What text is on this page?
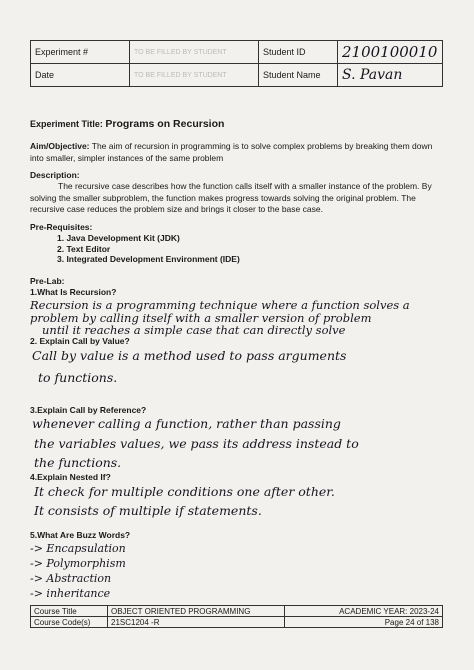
Experiment #	TO BE FILLED BY STUDENT	Student ID	2100100010
Date	TO BE FILLED BY STUDENT	Student Name	S. Pavan
Experiment Title: Programs on Recursion
Aim/Objective: The aim of recursion in programming is to solve complex problems by breaking them down into smaller, simpler instances of the same problem
Description:
The recursive case describes how the function calls itself with a smaller instance of the problem. By solving the smaller subproblem, the function makes progress towards solving the original problem. The recursive case reduces the problem size and brings it closer to the base case.
Pre-Requisites:
1. Java Development Kit (JDK)
2. Text Editor
3. Integrated Development Environment (IDE)
Pre-Lab:
1.What Is Recursion?
Recursion is a programming technique where a function solves a
problem by calling itself with a smaller version of problem
until it reaches a simple case that can directly solve
2. Explain Call by Value?
Call by value is a method used to pass arguments
to functions.
3.Explain Call by Reference?
whenever calling a function, rather than passing
the variables values, we pass its address instead to
the functions.
4.Explain Nested If?
It check for multiple conditions one after other.
It consists of multiple if statements.
5.What Are Buzz Words?
-> Encapsulation
-> Polymorphism
-> Abstraction
-> inheritance
Course Title	OBJECT ORIENTED PROGRAMMING	ACADEMIC YEAR: 2023-24
Course Code(s)	21SC1204 -R	Page 24 of 138
